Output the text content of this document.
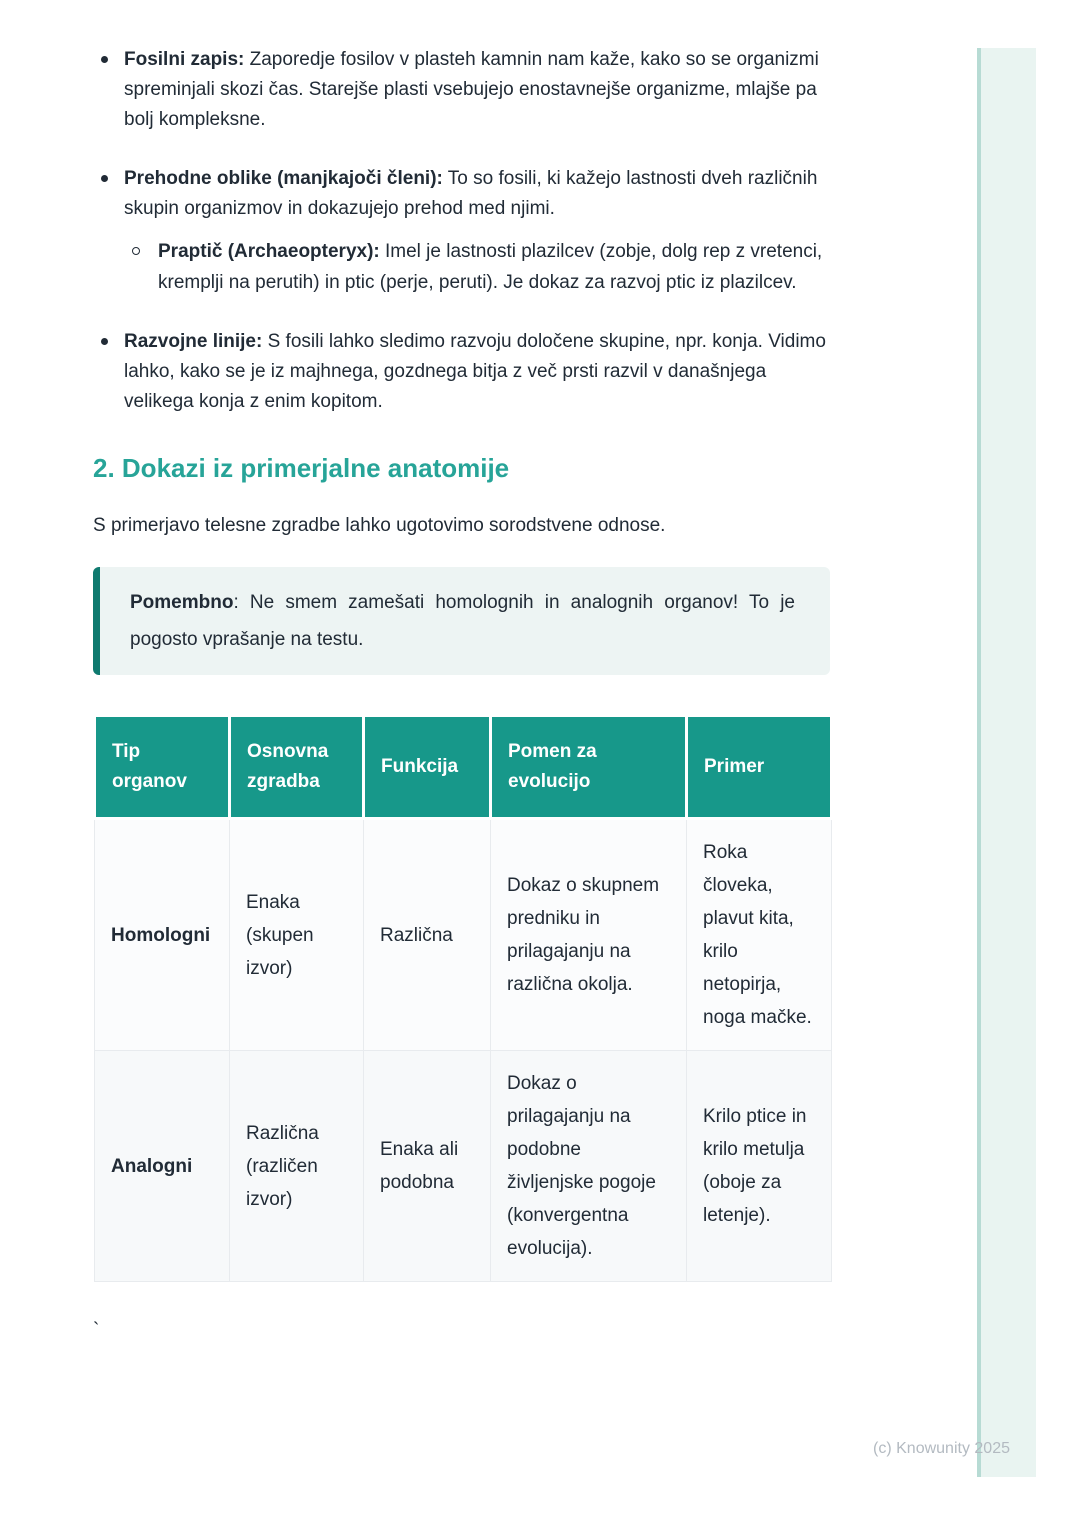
Fosilni zapis: Zaporedje fosilov v plasteh kamnin nam kaže, kako so se organizmi spreminjali skozi čas. Starejše plasti vsebujejo enostavnejše organizme, mlajše pa bolj kompleksne.
Prehodne oblike (manjkajoči členi): To so fosili, ki kažejo lastnosti dveh različnih skupin organizmov in dokazujejo prehod med njimi.
Praptič (Archaeopteryx): Imel je lastnosti plazilcev (zobje, dolg rep z vretenci, kremplji na perutih) in ptic (perje, peruti). Je dokaz za razvoj ptic iz plazilcev.
Razvojne linije: S fosili lahko sledimo razvoju določene skupine, npr. konja. Vidimo lahko, kako se je iz majhnega, gozdnega bitja z več prsti razvil v današnjega velikega konja z enim kopitom.
2. Dokazi iz primerjalne anatomije

S primerjavo telesne zgradbe lahko ugotovimo sorodstvene odnose.

Pomembno: Ne smem zamešati homolognih in analognih organov! To je pogosto vprašanje na testu.
Tip organov	Osnovna zgradba	Funkcija	Pomen za evolucijo	Primer
Homologni	Enaka (skupen izvor)	Različna	Dokaz o skupnem predniku in prilagajanju na različna okolja.	Roka človeka, plavut kita, krilo netopirja, noga mačke.
Analogni	Različna (različen izvor)	Enaka ali podobna	Dokaz o prilagajanju na podobne življenjske pogoje (konvergentna evolucija).	Krilo ptice in krilo metulja (oboje za letenje).
`
(c) Knowunity 2025
